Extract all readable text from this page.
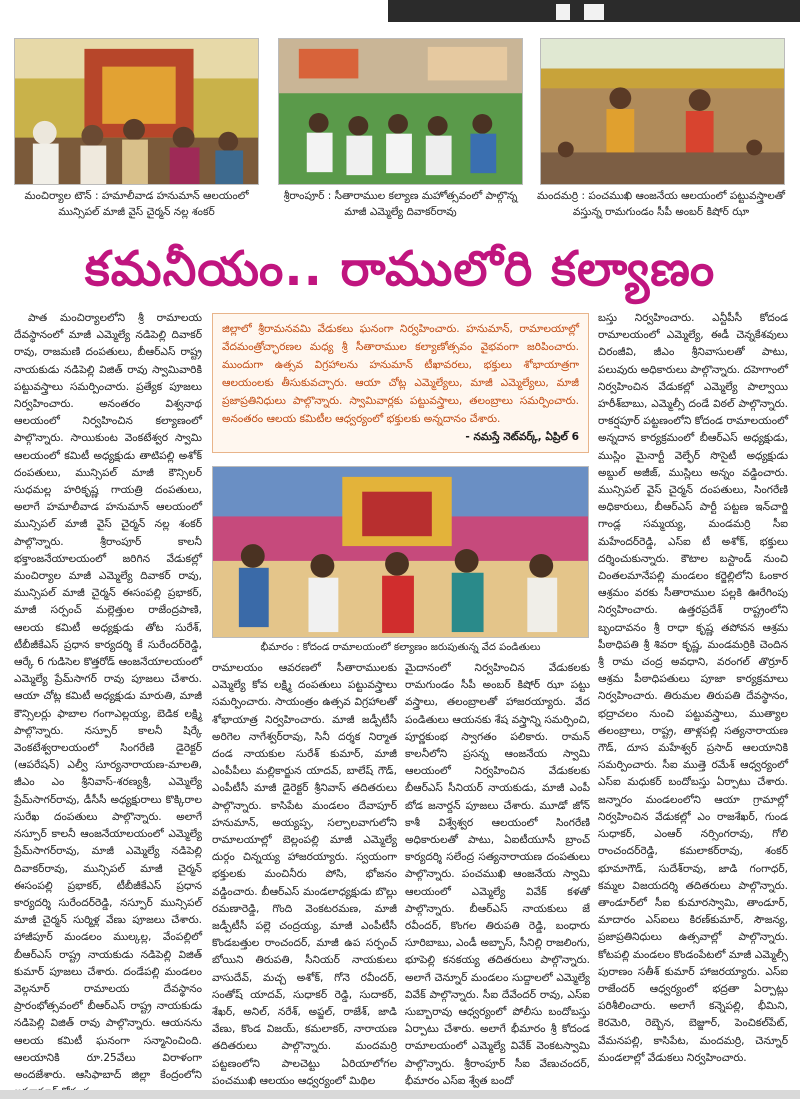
మంచిర్యాల టౌన్‌ : హమాలీవాడ హనుమాన్‌ ఆలయంలో మున్సిపల్‌ మాజీ వైస్‌ చైర్మన్‌ నల్ల శంకర్‌
శ్రీరాంపూర్‌ : సీతారాముల కల్యాణ మహోత్సవంలో పాల్గొన్న మాజీ ఎమ్మెల్యే దివాకర్‌రావు
మందమర్రి : పంచముఖి ఆంజనేయ ఆలయంలో పట్టువస్త్రాలతో వస్తున్న రామగుండం సీపీ అంబర్‌ కిషోర్‌ ఝా
కమనీయం.. రాములోరి కల్యాణం

పాత మంచిర్యాలలోని శ్రీ రామాలయ దేవస్థానంలో మాజీ ఎమ్మెల్యే నడిపెల్లి దివాకర్‌ రావు, రాజమణి దంపతులు, బీఆర్‌ఎస్‌ రాష్ట్ర నాయకుడు నడిపెల్లి విజిత్‌ రావు స్వామివారికి పట్టువస్త్రాలు సమర్పించారు. ప్రత్యేక పూజలు నిర్వహించారు. అనంతరం విశ్వనాథ ఆలయంలో నిర్వహించిన కల్యాణంలో పాల్గొన్నారు. సాయికుంట వెంకటేశ్వర స్వామి ఆలయంలో కమిటీ అధ్యక్షుడు తాటిపల్లి అశోక్‌ దంపతులు, మున్సిపల్‌ మాజీ కౌన్సిలర్‌ సుధమల్ల హరికృష్ణ గాయత్రి దంపతులు, అలాగే హమాలీవాడ హనుమాన్‌ ఆలయంలో మున్సిపల్‌ మాజీ వైస్‌ చైర్మన్‌ నల్ల శంకర్‌ పాల్గొన్నారు. శ్రీరాంపూర్‌ కాలనీ భక్తాంజనేయాలయంలో జరిగిన వేడుకల్లో మంచిర్యాల మాజీ ఎమ్మెల్యే దివాకర్‌ రావు, మున్సిపల్‌ మాజీ చైర్మన్‌ ఈసంపల్లి ప్రభాకర్‌, మాజీ సర్పంచ్‌ మల్లెత్తుల రాజేంద్రపాణి, ఆలయ కమిటీ అధ్యక్షుడు తోట సురేశ్‌, టీబీజీకేఎస్‌ ప్రధాన కార్యదర్శి కే సురేందర్‌రెడ్డి, ఆర్కే 6 గుడిసెల కొత్తరోడ్‌ ఆంజనేయాలయంలో ఎమ్మెల్యే ప్రేమ్‌సాగర్‌ రావు పూజలు చేశారు. ఆయా చోట్ల కమిటీ అధ్యక్షుడు మారుతి, మాజీ కౌన్సిలర్లు ఫాబాల గంగాఎల్లయ్య, బెడిక లక్ష్మి పాల్గొన్నారు. నస్పూర్‌ కాలనీ షిర్కే వెంకటేశ్వరాలయంలో సింగరేణి డైరెక్టర్‌ (ఆపరేషన్‌) ఎల్వీ సూర్యనారాయణ-మాలతి, జీఎం ఎం శ్రీనివాస్‌-శరణ్యశ్రీ, ఎమ్మెల్యే ప్రేమ్‌సాగర్‌రావు, డీసీసీ అధ్యక్షురాలు కొక్కిరాల సురేఖ దంపతులు పాల్గొన్నారు. అలాగే నస్పూర్‌ కాలనీ ఆంజనేయాలయంలో ఎమ్మెల్యే ప్రేమ్‌సాగర్‌రావు, మాజీ ఎమ్మెల్యే నడిపెల్లి దివాకర్‌రావు, మున్సిపల్‌ మాజీ చైర్మన్‌ ఈసంపల్లి ప్రభాకర్‌, టీబీజీకేఎస్‌ ప్రధాన కార్యదర్శి సురేందర్‌రెడ్డి, నస్పూర్‌ మున్సిపల్‌ మాజీ చైర్మన్‌ సుర్మిళ్ల వేణు పూజలు చేశారు. హాజీపూర్‌ మండలం ముల్కల్ల, వేంపల్లిలో బీఆర్‌ఎస్‌ రాష్ట్ర నాయకుడు నడిపెల్లి విజిత్‌ కుమార్‌ పూజలు చేశారు. దండేపల్లి మండలం వెల్గనూర్‌ రామాలయ దేవస్థానం ప్రారంభోత్సవంలో బీఆర్‌ఎస్‌ రాష్ట్ర నాయకుడు నడిపెల్లి విజిత్‌ రావు పాల్గొన్నారు. ఆయనను ఆలయ కమిటీ ఘనంగా సన్మానించింది. ఆలయానికి రూ.25వేలు విరాళంగా అందజేశారు. ఆసిఫాబాద్‌ జిల్లా కేంద్రంలోని

జిల్లాలో శ్రీరామనవమి వేడుకలు ఘనంగా నిర్వహించారు. హనుమాన్‌, రామాలయాల్లో వేదమంత్రోచ్ఛారణల మధ్య శ్రీ సీతారాముల కల్యాణోత్సవం వైభవంగా జరిపించారు. ముందుగా ఉత్సవ విగ్రహాలను హనుమాన్‌ టీఖావరలు, భక్తులు శోభాయాత్రగా ఆలయంలకు తీసుకువచ్చారు. ఆయా చోట్ల ఎమ్మెల్యేలు, మాజీ ఎమ్మెల్యేలు, మాజీ ప్రజాప్రతినిధులు పాల్గొన్నారు. స్వామివార్లకు పట్టువస్త్రాలు, తలంబ్రాలు సమర్పించారు. అనంతరం ఆలయ కమిటీల ఆధ్వర్యంలో భక్తులకు అన్నదానం చేశారు.
- నమస్తే నెట్‌వర్క్‌, ఏప్రిల్‌ 6
భీమారం : కోదండ రామాలయంలో కల్యాణం జరుపుతున్న వేద పండితులు

రామాలయం ఆవరణలో సీతారాములకు ఎమ్మెల్యే కోవ లక్ష్మి దంపతులు పట్టువస్త్రాలు సమర్పించారు. సాయంత్రం ఉత్సవ విగ్రహాలతో శోభాయాత్ర నిర్వహించారు. మాజీ జడ్పీటీసీ అరిగెల నాగేశ్వర్‌రావు, సినీ దర్శక నిర్మాత దండ నాయకుల సురేశ్‌ కుమార్‌, మాజీ ఎంపీపీలు మల్లికార్జున యాదవ్‌, బాలేష్‌ గౌడ్‌, ఎంపీటీసీ మాజీ డైరెక్టర్‌ శ్రీనివాస్‌ తదితరులు పాల్గొన్నారు. కాసిపేట మండలం దేవాపూర్‌ హనుమాన్‌, అయ్యప్ప, సల్పాలవాగులోని రామాలయాల్లో బెల్లంపల్లి మాజీ ఎమ్మెల్యే దుర్గం చిన్నయ్య హాజరయ్యారు. స్వయంగా భక్తులకు మంచినీరు పోసి, భోజనం వడ్డించారు. బీఆర్‌ఎస్‌ మండలాధ్యక్షుడు బొల్లు రమణారెడ్డి, గొంది వెంకటరమణ, మాజీ జడ్పీటీసీ పల్లె చంద్రయ్య, మాజీ ఎంపీటీసీ కొండబత్తుల రాంచందర్‌, మాజీ ఉప సర్పంచ్‌ బోయిని తిరుపతి, సీనియర్‌ నాయకులు వాసుదేవ్‌, మచ్చ అశోక్‌, గోనె రవీందర్‌, సంతోష్‌ యాదవ్‌, సుధాకర్‌ రెడ్డి, సుదాకర్‌, శేఖర్‌, అనిల్‌, నరేశ్‌, అప్జల్‌, రాజేశ్‌, జాడి వేణు, కొండ విజయ్‌, కమలాకర్‌, నారాయణ తదితరులు పాల్గొన్నారు. మందమర్రి పట్టణంలోని పాలచెట్టు ఏరియాలోగల పంచముఖి ఆలయం ఆధ్వర్యంలో మిథిల

మైదానంలో నిర్వహించిన వేడుకలకు రామగుండం సీపీ అంబర్‌ కిషోర్‌ ఝా పట్టు వస్త్రాలు, తలంబ్రాలతో హాజరయ్యారు. వేద పండితులు ఆయనకు శేష వస్త్రాన్ని సమర్పించి, పూర్ణకుంభ స్వాగతం పలికారు. రామన్‌ కాలనీలోని ప్రసన్న ఆంజనేయ స్వామి ఆలయంలో నిర్వహించిన వేడుకలకు బీఆర్‌ఎస్‌ సీనియర్‌ నాయకుడు, మాజీ ఎంపీ బోడ జనార్దన్‌ పూజలు చేశారు. మూడో జోన్‌ కాశీ విశ్వేశ్వర ఆలయంలో సింగరేణి అధికారులతో పాటు, ఏఐటీయూసీ బ్రాంచ్‌ కార్యదర్శి సలేంద్ర సత్యనారాయణ దంపతులు పాల్గొన్నారు. పంచముఖి ఆంజనేయ స్వామి ఆలయంలో ఎమ్మెల్యే వివేక్‌ కళతో పాల్గొన్నారు. బీఆర్‌ఎస్‌ నాయకులు జే రవీందర్‌, కొంగల తిరుపతి రెడ్డి, బంధారు సూరిబాబు, ఎండీ అబ్బాస్‌, సీనిల్లి రాజలింగు, భూపెల్లి కనకయ్య తదితరులు పాల్గొన్నారు. అలాగే చెన్నూర్‌ మండలం సుద్దాలలో ఎమ్మెల్యే వివేక్‌ పాల్గొన్నారు. సీఐ దేవేందర్‌ రావు, ఎస్‌ఐ సుబ్బారావు ఆధ్వర్యంలో పోలీసు బందోబస్తు ఏర్పాటు చేశారు. అలాగే భీమారం శ్రీ కోదండ రామాలయంలో ఎమ్మెల్యే వివేక్‌ వెంకటస్వామి పాల్గొన్నారు. శ్రీరాంపూర్‌ సీఐ వేణుచందర్‌, భీమారం ఎస్‌ఐ శ్వేత బందో

బస్తు నిర్వహించారు. ఎన్టీపీసీ కోదండ రామాలయంలో ఎమ్మెల్యే, ఈడీ చెన్నకేశవులు చిరంజీవి, జీఎం శ్రీనివాసులతో పాటు, పలువురు అధికారులు పాల్గొన్నారు. దహెగాంలో నిర్వహించిన వేడుకల్లో ఎమ్మెల్యే పాల్వాయి హరీశ్‌బాబు, ఎమ్మెల్సీ దండే విఠల్‌ పాల్గొన్నారు. రాకర్షపూర్‌ పట్టణంలోని కోదండ రామాలయంలో అన్నదాన కార్యక్రమంలో బీఆర్‌ఎస్‌ అధ్యక్షుడు, ముస్లిం మైనార్టీ వెల్ఫేర్‌ సొసైటీ అధ్యక్షుడు అబ్దుల్‌ అజీజ్‌, ముస్లిలు అన్నం వడ్డించారు. మున్సిపల్‌ వైస్‌ చైర్మన్‌ దంపతులు, సింగరేణి అధికారులు, బీఆర్‌ఎస్‌ పార్టీ పట్టణ ఇన్‌చార్జి గాండ్ల సమ్మయ్య, మండమర్రి సీఐ మహేందర్‌రెడ్డి, ఎస్‌ఐ టీ అశోక్‌, భక్తులు దర్శించుకున్నారు. కౌటాల బస్టాండ్‌ నుంచి చింతలమానేపల్లి మండలం కర్జెల్లిలోని ఓంకార ఆశ్రమం వరకు సీతారాముల పల్లకి ఊరేగింపు నిర్వహించారు. ఉత్తరప్రదేశ్‌ రాష్ట్రంలోని బృందావనం శ్రీ రాధా కృష్ణ తపోవన ఆశ్రమ పీఠాధిపతి శ్రీ శివరా కృష్ణ, మండమర్రికి చెందిన శ్రీ రామ చంద్ర అవధాని, వరంగల్‌ తొర్రూర్‌ ఆశ్రమ పీఠాధిపతులు పూజా కార్యక్రమాలు నిర్వహించారు. తిరుమల తిరుపతి దేవస్థానం, భద్రాచలం నుంచి పట్టువస్త్రాలు, ముత్యాల తలంబ్రాలు, రాష్ట్ర, తాళ్లపల్లి సత్యనారాయణ గౌడ్‌, దూస మహేశ్వర్‌ ప్రసాద్‌ ఆలయానికి సమర్పించారు. సీఐ ముత్తె రమేశ్‌ ఆధ్వర్యంలో ఎస్‌ఐ మధుకర్‌ బందోబస్తు ఏర్పాటు చేశారు. జన్నారం మండలంలోని ఆయా గ్రామాల్లో నిర్వహించిన వేడుకల్లో ఎం రాజశేఖర్‌, గుండ సుధాకర్‌, ఎంఆర్‌ నర్సింగరావు, గోలి రాంచందర్‌రెడ్డి, కమలాకర్‌రావు, శంకర్‌ భూమాగౌడ్‌, సుదేశ్‌రావు, జాడి గంగాధర్‌, కమ్మల విజయదర్శి తదితరులు పాల్గొన్నారు. తాండూర్‌లో సీఐ కుమారస్వామి, తాండూర్‌, మాదారం ఎస్‌ఐలు కిరణ్‌కుమార్‌, సౌజన్య, ప్రజాప్రతినిధులు ఉత్సవాల్లో పాల్గొన్నారు. కోటపల్లి మండలం కొండంపేటలో మాజీ ఎమ్మెల్సీ పురాణం సతీశ్‌ కుమార్‌ హాజరయ్యారు. ఎస్‌ఐ రాజేందర్‌ ఆధ్వర్యంలో భద్రతా ఏర్పాట్లు పరిశీలించారు. అలాగే కన్నెపల్లి, భీమిని, కెరమెరి, రెబ్బెన, బెజ్జూర్‌, పెంచికల్‌పేట్‌, వేమనపల్లి, కాసిపేట, మందమర్రి, చెన్నూర్‌ మండలాల్లో వేడుకలు నిర్వహించారు.
